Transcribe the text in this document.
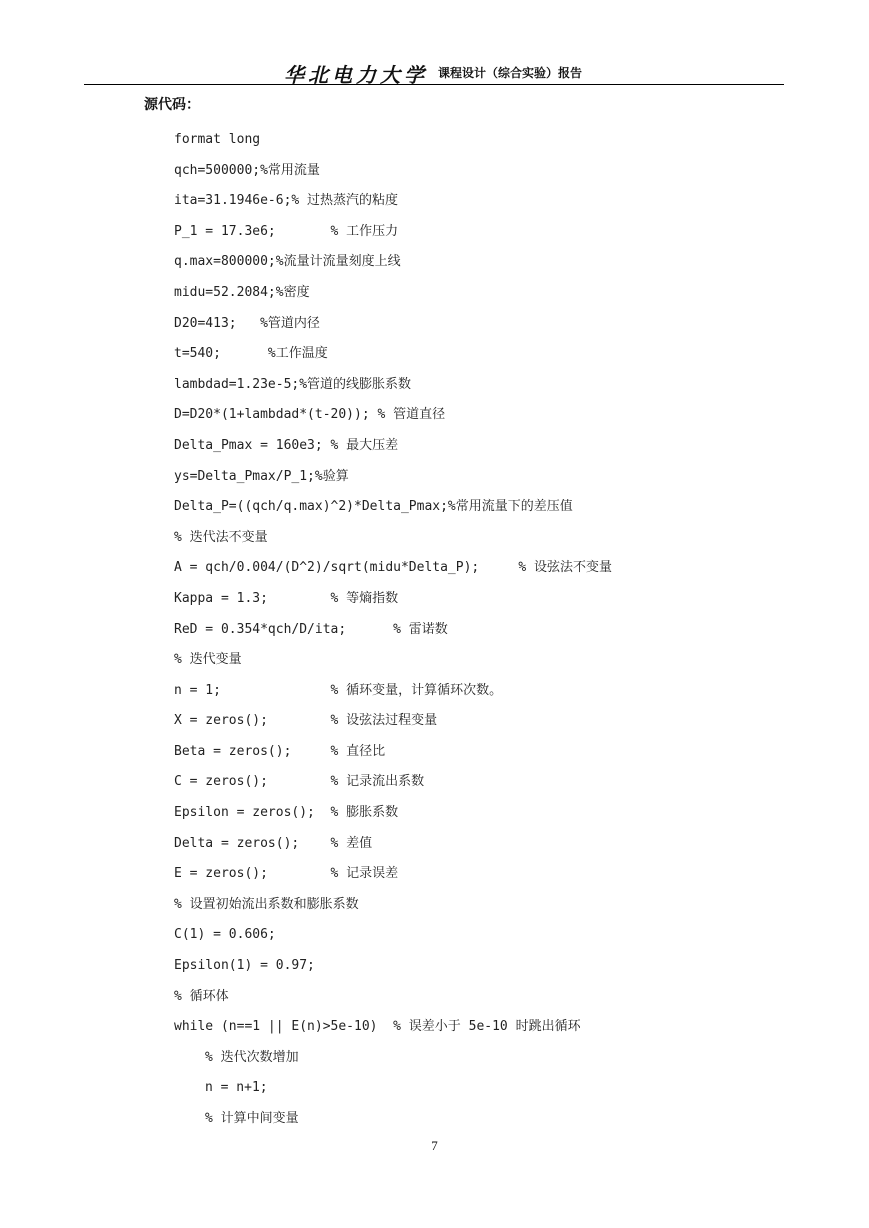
华北电力大学 课程设计（综合实验）报告
源代码：
format long
qch=500000;%常用流量
ita=31.1946e-6;% 过热蒸汽的粘度
P_1 = 17.3e6;       % 工作压力
q.max=800000;%流量计流量刻度上线
midu=52.2084;%密度
D20=413;   %管道内径
t=540;      %工作温度
lambdad=1.23e-5;%管道的线膨胀系数
D=D20*(1+lambdad*(t-20)); % 管道直径
Delta_Pmax = 160e3; % 最大压差
ys=Delta_Pmax/P_1;%验算
Delta_P=((qch/q.max)^2)*Delta_Pmax;%常用流量下的差压值
% 迭代法不变量
A = qch/0.004/(D^2)/sqrt(midu*Delta_P);     % 设弦法不变量
Kappa = 1.3;        % 等熵指数
ReD = 0.354*qch/D/ita;      % 雷诺数
% 迭代变量
n = 1;              % 循环变量，计算循环次数。
X = zeros();        % 设弦法过程变量
Beta = zeros();     % 直径比
C = zeros();        % 记录流出系数
Epsilon = zeros();  % 膨胀系数
Delta = zeros();    % 差值
E = zeros();        % 记录误差
% 设置初始流出系数和膨胀系数
C(1) = 0.606;
Epsilon(1) = 0.97;
% 循环体
while (n==1 || E(n)>5e-10)  % 误差小于 5e-10 时跳出循环
% 迭代次数增加
n = n+1;
% 计算中间变量
7
